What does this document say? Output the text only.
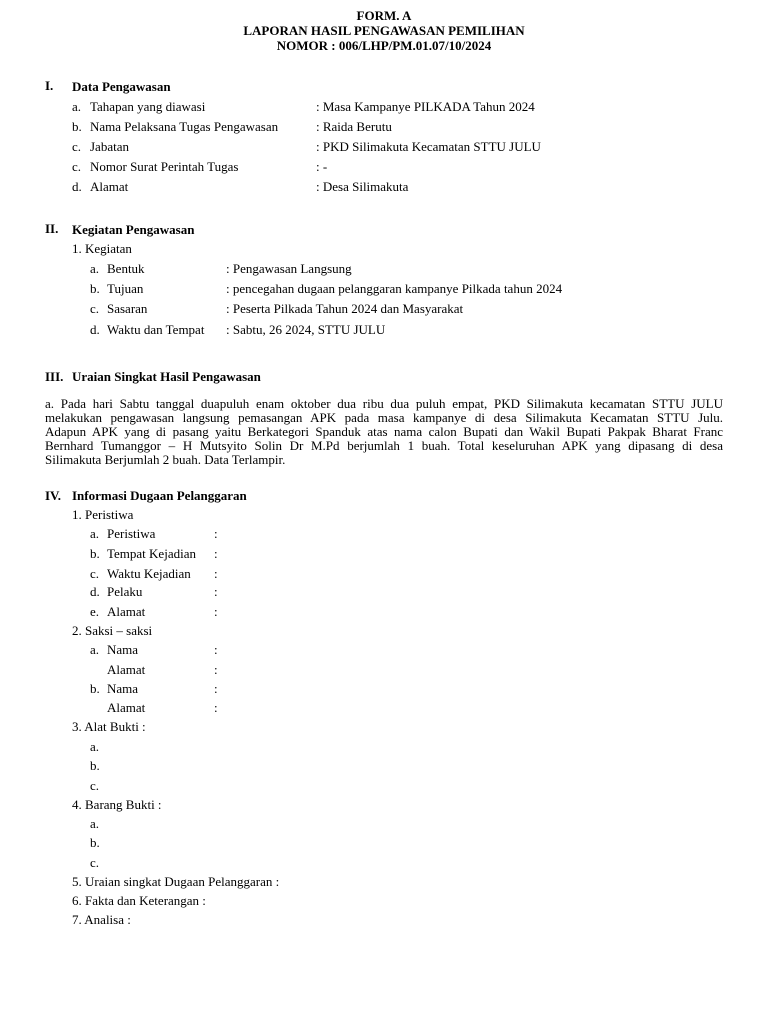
FORM. A
LAPORAN HASIL PENGAWASAN PEMILIHAN
NOMOR : 006/LHP/PM.01.07/10/2024
I. Data Pengawasan
a. Tahapan yang diawasi	: Masa Kampanye PILKADA Tahun 2024
b. Nama Pelaksana Tugas Pengawasan	: Raida Berutu
c. Jabatan	: PKD Silimakuta Kecamatan STTU JULU
c. Nomor Surat Perintah Tugas	: -
d. Alamat	: Desa Silimakuta
II. Kegiatan Pengawasan
1. Kegiatan
a. Bentuk	: Pengawasan Langsung
b. Tujuan	: pencegahan dugaan pelanggaran kampanye Pilkada tahun 2024
c. Sasaran	: Peserta Pilkada Tahun 2024 dan Masyarakat
d. Waktu dan Tempat : Sabtu, 26 2024, STTU JULU
III. Uraian Singkat Hasil Pengawasan
a. Pada hari Sabtu tanggal duapuluh enam oktober dua ribu dua puluh empat, PKD Silimakuta kecamatan STTU JULU
melakukan pengawasan langsung pemasangan APK pada masa kampanye di desa Silimakuta Kecamatan STTU Julu.
Adapun APK yang di pasang yaitu Berkategori Spanduk atas nama calon Bupati dan Wakil Bupati Pakpak Bharat Franc
Bernhard Tumanggor – H Mutsyito Solin Dr M.Pd berjumlah 1 buah. Total keseluruhan APK yang dipasang di desa
Silimakuta Berjumlah 2 buah. Data Terlampir.
IV. Informasi Dugaan Pelanggaran
1. Peristiwa
a. Peristiwa	:
b. Tempat Kejadian :
c. Waktu Kejadian :
d. Pelaku	:
e. Alamat	:
2. Saksi – saksi
a. Nama	:
Alamat	:
b. Nama	:
Alamat	:
3. Alat Bukti :
a.
b.
c.
4. Barang Bukti :
a.
b.
c.
5. Uraian singkat Dugaan Pelanggaran :
6. Fakta dan Keterangan :
7. Analisa :
